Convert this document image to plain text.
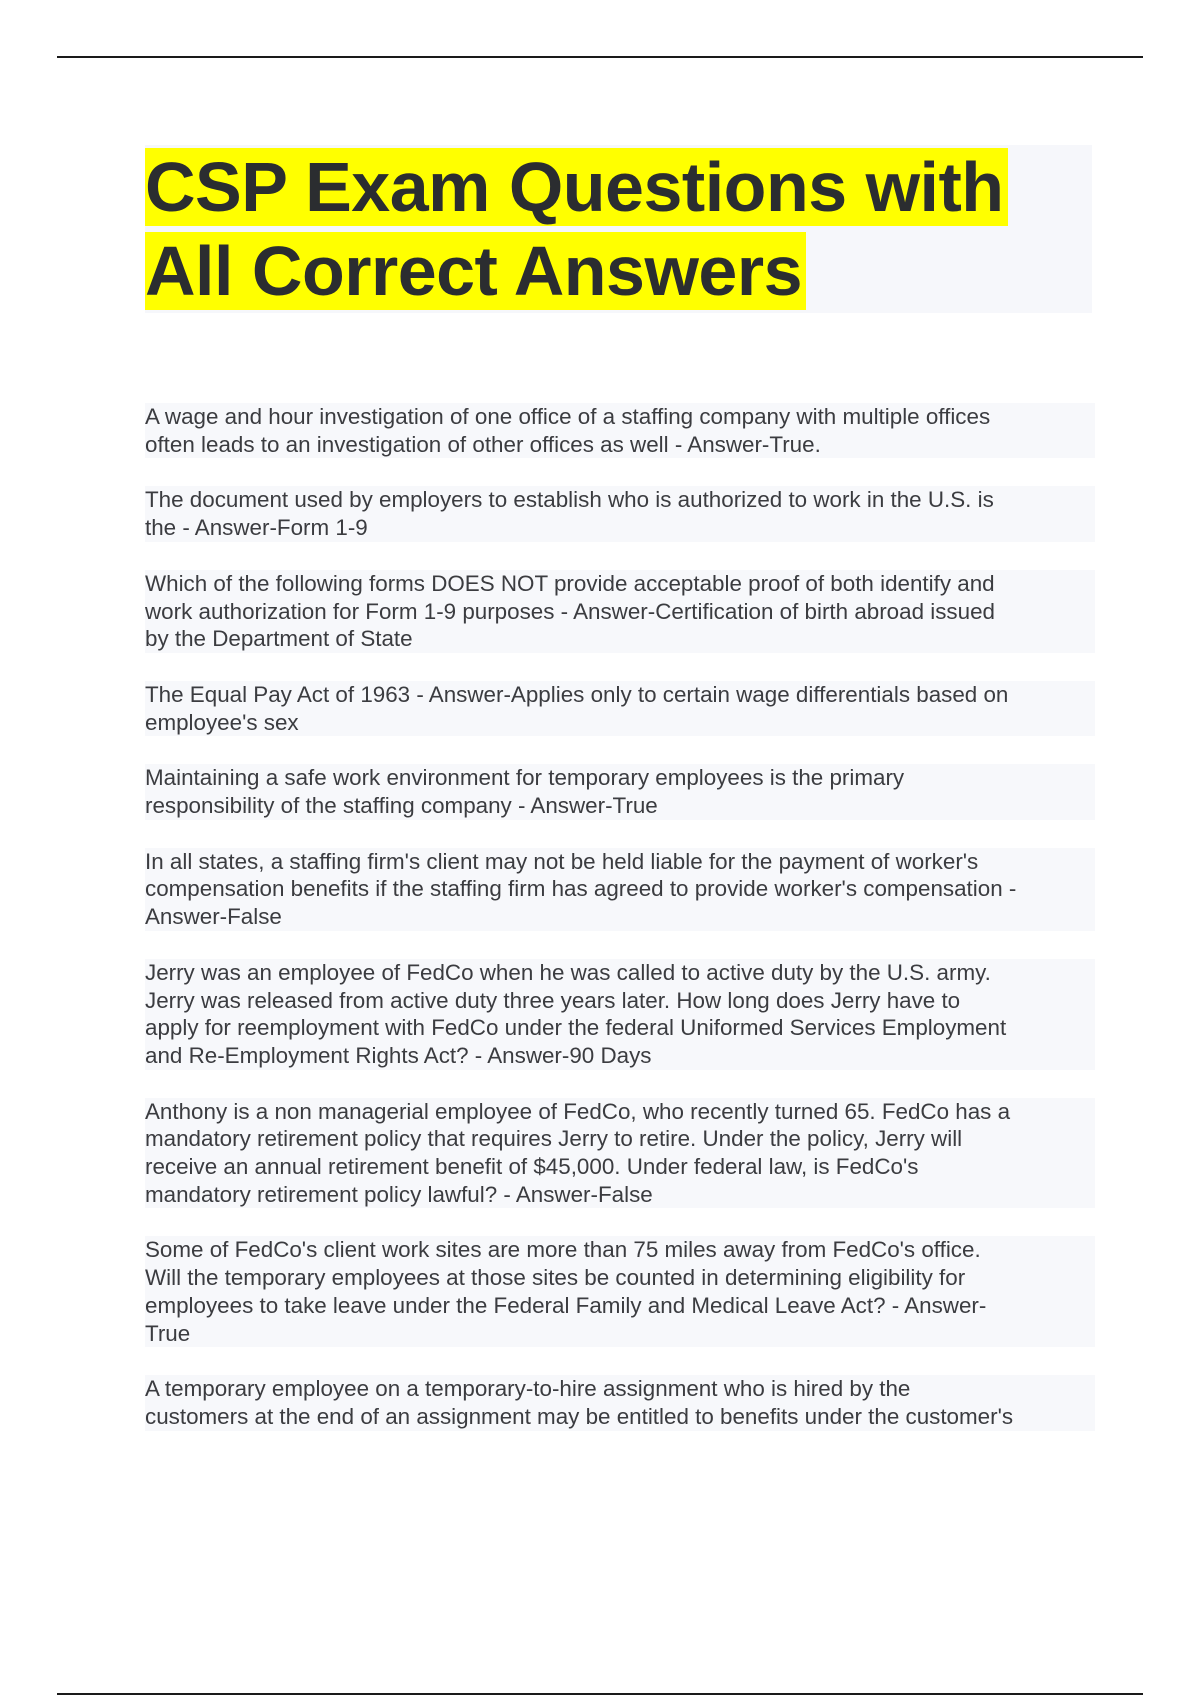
CSP Exam Questions with
All Correct Answers
A wage and hour investigation of one office of a staffing company with multiple offices
often leads to an investigation of other offices as well - Answer-True.
The document used by employers to establish who is authorized to work in the U.S. is
the - Answer-Form 1-9
Which of the following forms DOES NOT provide acceptable proof of both identify and
work authorization for Form 1-9 purposes - Answer-Certification of birth abroad issued
by the Department of State
The Equal Pay Act of 1963 - Answer-Applies only to certain wage differentials based on
employee's sex
Maintaining a safe work environment for temporary employees is the primary
responsibility of the staffing company - Answer-True
In all states, a staffing firm's client may not be held liable for the payment of worker's
compensation benefits if the staffing firm has agreed to provide worker's compensation -
Answer-False
Jerry was an employee of FedCo when he was called to active duty by the U.S. army.
Jerry was released from active duty three years later. How long does Jerry have to
apply for reemployment with FedCo under the federal Uniformed Services Employment
and Re-Employment Rights Act? - Answer-90 Days
Anthony is a non managerial employee of FedCo, who recently turned 65. FedCo has a
mandatory retirement policy that requires Jerry to retire. Under the policy, Jerry will
receive an annual retirement benefit of $45,000. Under federal law, is FedCo's
mandatory retirement policy lawful? - Answer-False
Some of FedCo's client work sites are more than 75 miles away from FedCo's office.
Will the temporary employees at those sites be counted in determining eligibility for
employees to take leave under the Federal Family and Medical Leave Act? - Answer-
True
A temporary employee on a temporary-to-hire assignment who is hired by the
customers at the end of an assignment may be entitled to benefits under the customer's
